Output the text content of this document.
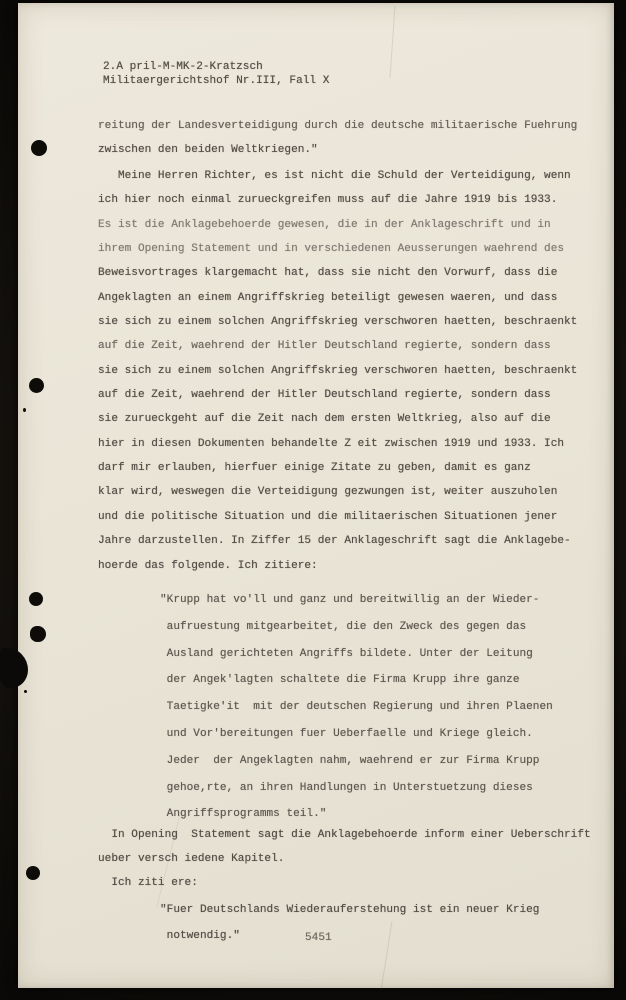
2.A pril-M-MK-2-Kratzsch
Militaergerichtshof Nr.III, Fall X
reitung der Landesverteidigung durch die deutsche militaerische Fuehrung
zwischen den beiden Weltkriegen."
Meine Herren Richter, es ist nicht die Schuld der Verteidigung, wenn
ich hier noch einmal zurueckgreifen muss auf die Jahre 1919 bis 1933.
Es ist die Anklagebehoerde gewesen, die in der Anklageschrift und in
ihrem Opening Statement und in verschiedenen Aeusserungen waehrend des
Beweisvortrages klargemacht hat, dass sie nicht den Vorwurf, dass die
Angeklagten an einem Angriffskrieg beteiligt gewesen waeren, und dass
sie sich zu einem solchen Angriffskrieg verschworen haetten, beschraenkt
auf die Zeit, waehrend der Hitler Deutschland regierte, sondern dass
sie sich zu einem solchen Angriffskrieg verschworen haetten, beschraenkt
auf die Zeit, waehrend der Hitler Deutschland regierte, sondern dass
sie zurueckgeht auf die Zeit nach dem ersten Weltkrieg, also auf die
hier in diesen Dokumenten behandelte Z eit zwischen 1919 und 1933. Ich
darf mir erlauben, hierfuer einige Zitate zu geben, damit es ganz
klar wird, weswegen die Verteidigung gezwungen ist, weiter auszuholen
und die politische Situation und die militaerischen Situationen jener
Jahre darzustellen. In Ziffer 15 der Anklageschrift sagt die Anklagebe-
hoerde das folgende. Ich zitiere:
"Krupp hat vo'll und ganz und bereitwillig an der Wieder-
aufruestung mitgearbeitet, die den Zweck des gegen das
Ausland gerichteten Angriffs bildete. Unter der Leitung
der Angek'lagten schaltete die Firma Krupp ihre ganze
Taetigke'it  mit der deutschen Regierung und ihren Plaenen
und Vor'bereitungen fuer Ueberfaelle und Kriege gleich.
Jeder  der Angeklagten nahm, waehrend er zur Firma Krupp
gehoe,rte, an ihren Handlungen in Unterstuetzung dieses
Angriffsprogramms teil."
In Opening  Statement sagt die Anklagebehoerde inform einer Ueberschrift
ueber versch iedene Kapitel.
Ich ziti ere:
"Fuer Deutschlands Wiederauferstehung ist ein neuer Krieg
notwendig."	5451
